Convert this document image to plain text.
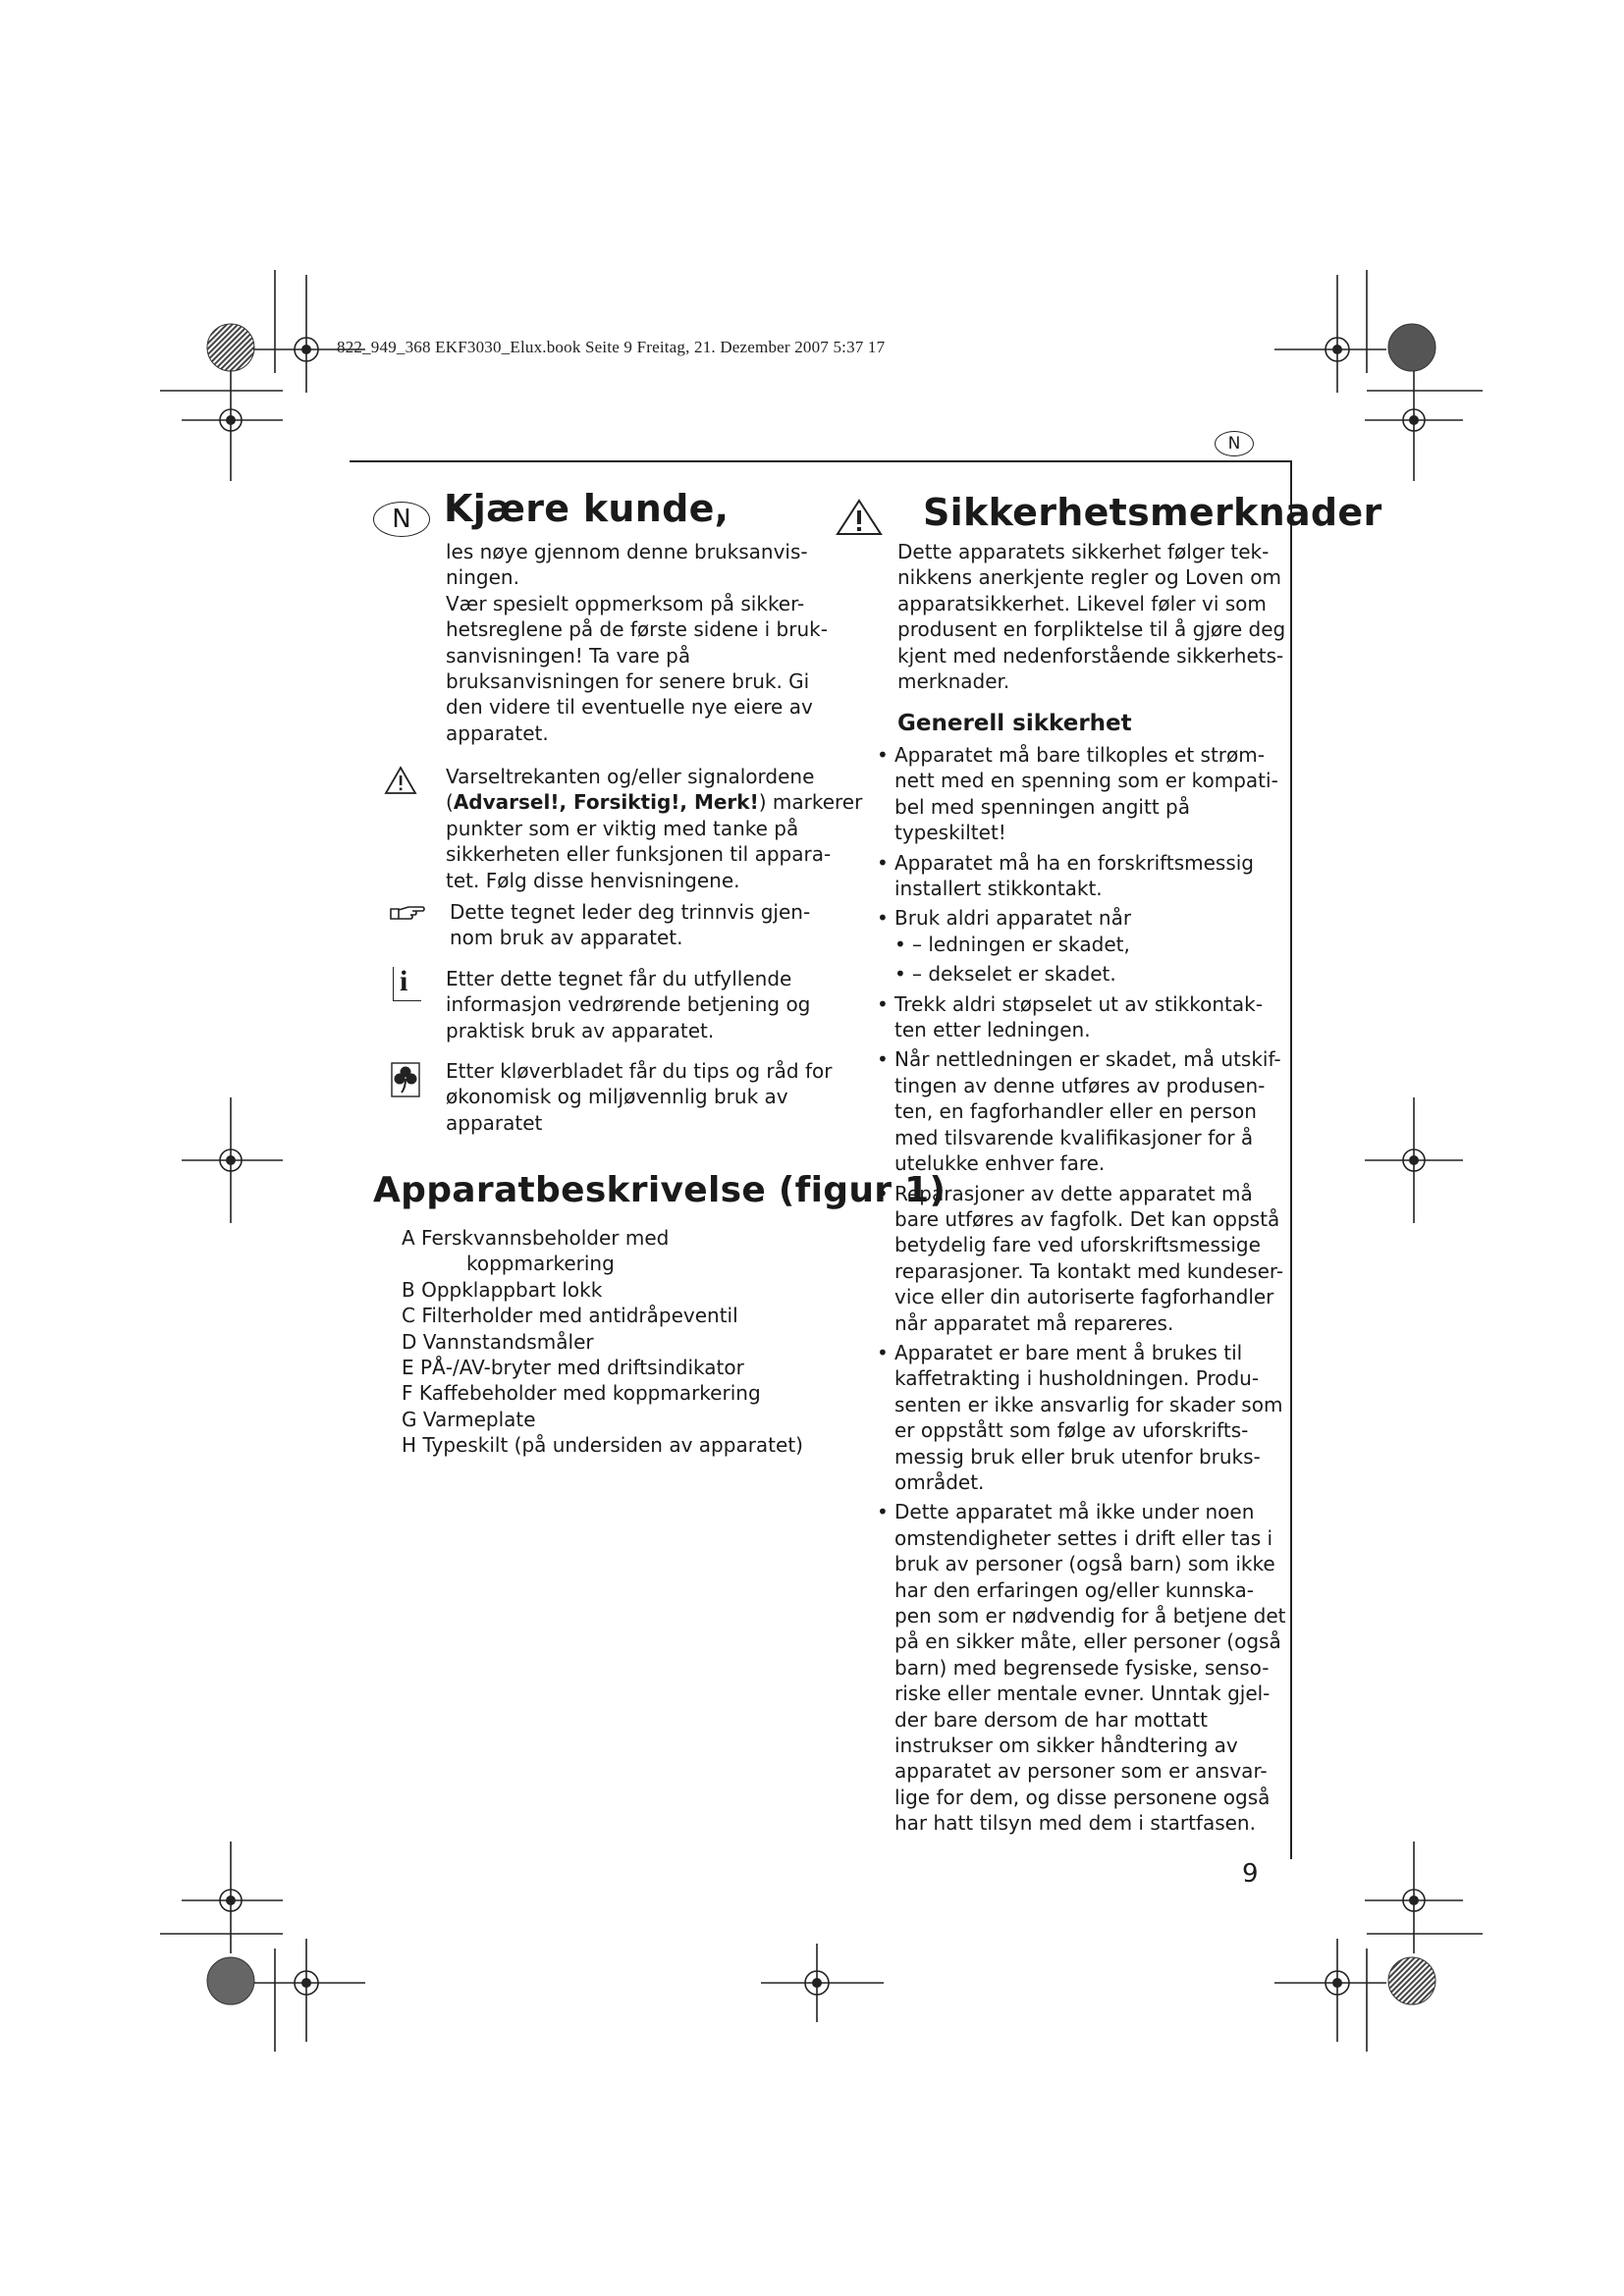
822_949_368 EKF3030_Elux.book Seite 9 Freitag, 21. Dezember 2007 5:37 17
N
N Kjære kunde,
les nøye gjennom denne bruksanvis-
ningen.
Vær spesielt oppmerksom på sikker-
hetsreglene på de første sidene i bruk-
sanvisningen! Ta vare på
bruksanvisningen for senere bruk. Gi
den videre til eventuelle nye eiere av
apparatet.
Varseltrekanten og/eller signalordene
(Advarsel!, Forsiktig!, Merk!) markerer
punkter som er viktig med tanke på
sikkerheten eller funksjonen til appara-
tet. Følg disse henvisningene.
Dette tegnet leder deg trinnvis gjen-
nom bruk av apparatet.
i Etter dette tegnet får du utfyllende
informasjon vedrørende betjening og
praktisk bruk av apparatet.
Etter kløverbladet får du tips og råd for
økonomisk og miljøvennlig bruk av
apparatet
Apparatbeskrivelse (figur 1)
A Ferskvannsbeholder med
koppmarkering
B Oppklappbart lokk
C Filterholder med antidråpeventil
D Vannstandsmåler
E PÅ-/AV-bryter med driftsindikator
F Kaffebeholder med koppmarkering
G Varmeplate
H Typeskilt (på undersiden av apparatet)
Sikkerhetsmerknader
Dette apparatets sikkerhet følger tek-
nikkens anerkjente regler og Loven om
apparatsikkerhet. Likevel føler vi som
produsent en forpliktelse til å gjøre deg
kjent med nedenforstående sikkerhets-
merknader.
Generell sikkerhet
• Apparatet må bare tilkoples et strøm-
nett med en spenning som er kompati-
bel med spenningen angitt på
typeskiltet!
• Apparatet må ha en forskriftsmessig
installert stikkontakt.
• Bruk aldri apparatet når
• – ledningen er skadet,
• – dekselet er skadet.
• Trekk aldri støpselet ut av stikkontak-
ten etter ledningen.
• Når nettledningen er skadet, må utskif-
tingen av denne utføres av produsen-
ten, en fagforhandler eller en person
med tilsvarende kvalifikasjoner for å
utelukke enhver fare.
• Reparasjoner av dette apparatet må
bare utføres av fagfolk. Det kan oppstå
betydelig fare ved uforskriftsmessige
reparasjoner. Ta kontakt med kundeser-
vice eller din autoriserte fagforhandler
når apparatet må repareres.
• Apparatet er bare ment å brukes til
kaffetrakting i husholdningen. Produ-
senten er ikke ansvarlig for skader som
er oppstått som følge av uforskrifts-
messig bruk eller bruk utenfor bruks-
området.
• Dette apparatet må ikke under noen
omstendigheter settes i drift eller tas i
bruk av personer (også barn) som ikke
har den erfaringen og/eller kunnska-
pen som er nødvendig for å betjene det
på en sikker måte, eller personer (også
barn) med begrensede fysiske, senso-
riske eller mentale evner. Unntak gjel-
der bare dersom de har mottatt
instrukser om sikker håndtering av
apparatet av personer som er ansvar-
lige for dem, og disse personene også
har hatt tilsyn med dem i startfasen.
9
